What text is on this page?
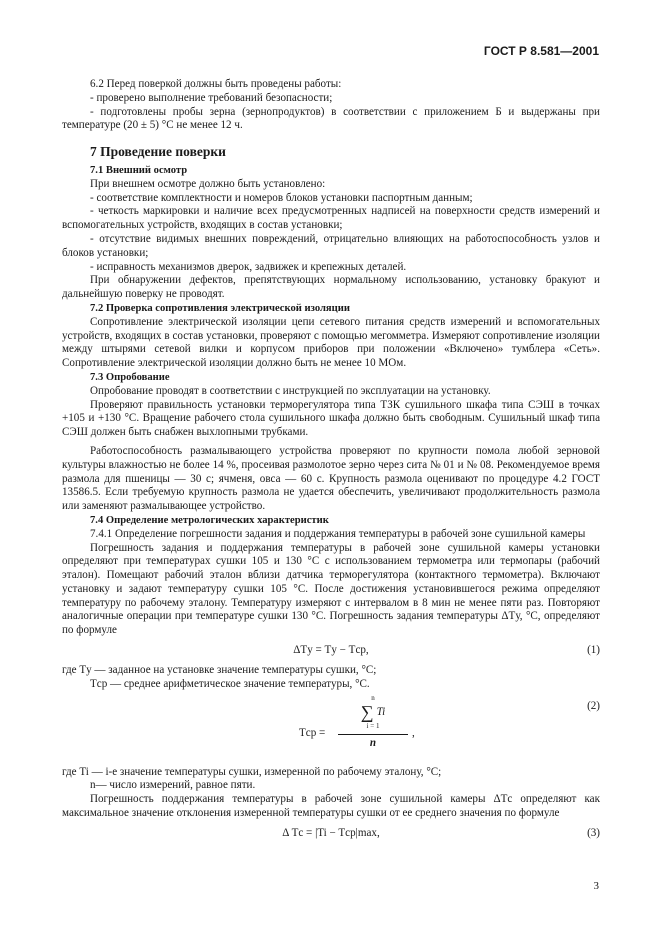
ГОСТ Р 8.581—2001

6.2 Перед поверкой должны быть проведены работы:

- проверено выполнение требований безопасности;

- подготовлены пробы зерна (зернопродуктов) в соответствии с приложением Б и выдержаны при температуре (20 ± 5) °С не менее 12 ч.

7 Проведение поверки

7.1 Внешний осмотр

При внешнем осмотре должно быть установлено:

- соответствие комплектности и номеров блоков установки паспортным данным;

- четкость маркировки и наличие всех предусмотренных надписей на поверхности средств измерений и вспомогательных устройств, входящих в состав установки;

- отсутствие видимых внешних повреждений, отрицательно влияющих на работоспособность узлов и блоков установки;

- исправность механизмов дверок, задвижек и крепежных деталей.

При обнаружении дефектов, препятствующих нормальному использованию, установку бракуют и дальнейшую поверку не проводят.

7.2 Проверка сопротивления электрической изоляции

Сопротивление электрической изоляции цепи сетевого питания средств измерений и вспомогательных устройств, входящих в состав установки, проверяют с помощью мегомметра. Измеряют сопротивление изоляции между штырями сетевой вилки и корпусом приборов при положении «Включено» тумблера «Сеть». Сопротивление электрической изоляции должно быть не менее 10 МОм.

7.3 Опробование

Опробование проводят в соответствии с инструкцией по эксплуатации на установку.

Проверяют правильность установки терморегулятора типа ТЗК сушильного шкафа типа СЭШ в точках +105 и +130 °С. Вращение рабочего стола сушильного шкафа должно быть свободным. Сушильный шкаф типа СЭШ должен быть снабжен выхлопными трубками.

Работоспособность размалывающего устройства проверяют по крупности помола любой зерновой культуры влажностью не более 14 %, просеивая размолотое зерно через сита № 01 и № 08. Рекомендуемое время размола для пшеницы — 30 с; ячменя, овса — 60 с. Крупность размола оценивают по процедуре 4.2 ГОСТ 13586.5. Если требуемую крупность размола не удается обеспечить, увеличивают продолжительность размола или заменяют размалывающее устройство.

7.4 Определение метрологических характеристик

7.4.1 Определение погрешности задания и поддержания температуры в рабочей зоне сушильной камеры

Погрешность задания и поддержания температуры в рабочей зоне сушильной камеры установки определяют при температурах сушки 105 и 130 °С с использованием термометра или термопары (рабочий эталон). Помещают рабочий эталон вблизи датчика терморегулятора (контактного термометра). Включают установку и задают температуру сушки 105 °С. После достижения установившегося режима определяют температуру по рабочему эталону. Температуру измеряют с интервалом в 8 мин не менее пяти раз. Повторяют аналогичные операции при температуре сушки 130 °С. Погрешность задания температуры ΔTу, °С, определяют по формуле

ΔTу = Tу − Tср,	(1)

где Tу — заданное на установке значение температуры сушки, °С;

Tср — среднее арифметическое значение температуры, °С.

Tср =
n
∑ Ti
i = 1
n
,
(2)

где Ti — i-е значение температуры сушки, измеренной по рабочему эталону, °С;

n— число измерений, равное пяти.

Погрешность поддержания температуры в рабочей зоне сушильной камеры ΔTс определяют как максимальное значение отклонения измеренной температуры сушки от ее среднего значения по формуле

Δ Tс = |Ti − Tср|max,	(3)
3
